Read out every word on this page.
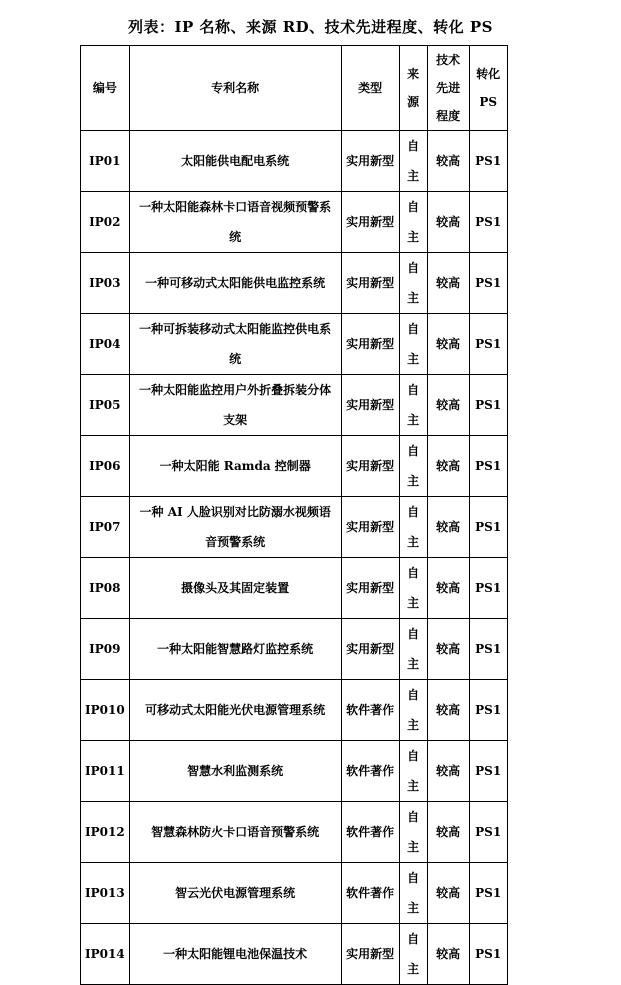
列表：IP 名称、来源 RD、技术先进程度、转化 PS
编号	专利名称	类型	来源	技术先进程度	转化 PS
IP01	太阳能供电配电系统	实用新型	自主	较高	PS1
IP02	一种太阳能森林卡口语音视频预警系统	实用新型	自主	较高	PS1
IP03	一种可移动式太阳能供电监控系统	实用新型	自主	较高	PS1
IP04	一种可拆装移动式太阳能监控供电系统	实用新型	自主	较高	PS1
IP05	一种太阳能监控用户外折叠拆装分体支架	实用新型	自主	较高	PS1
IP06	一种太阳能 Ramda 控制器	实用新型	自主	较高	PS1
IP07	一种 AI 人脸识别对比防溺水视频语音预警系统	实用新型	自主	较高	PS1
IP08	摄像头及其固定装置	实用新型	自主	较高	PS1
IP09	一种太阳能智慧路灯监控系统	实用新型	自主	较高	PS1
IP010	可移动式太阳能光伏电源管理系统	软件著作	自主	较高	PS1
IP011	智慧水利监测系统	软件著作	自主	较高	PS1
IP012	智慧森林防火卡口语音预警系统	软件著作	自主	较高	PS1
IP013	智云光伏电源管理系统	软件著作	自主	较高	PS1
IP014	一种太阳能锂电池保温技术	实用新型	自主	较高	PS1
